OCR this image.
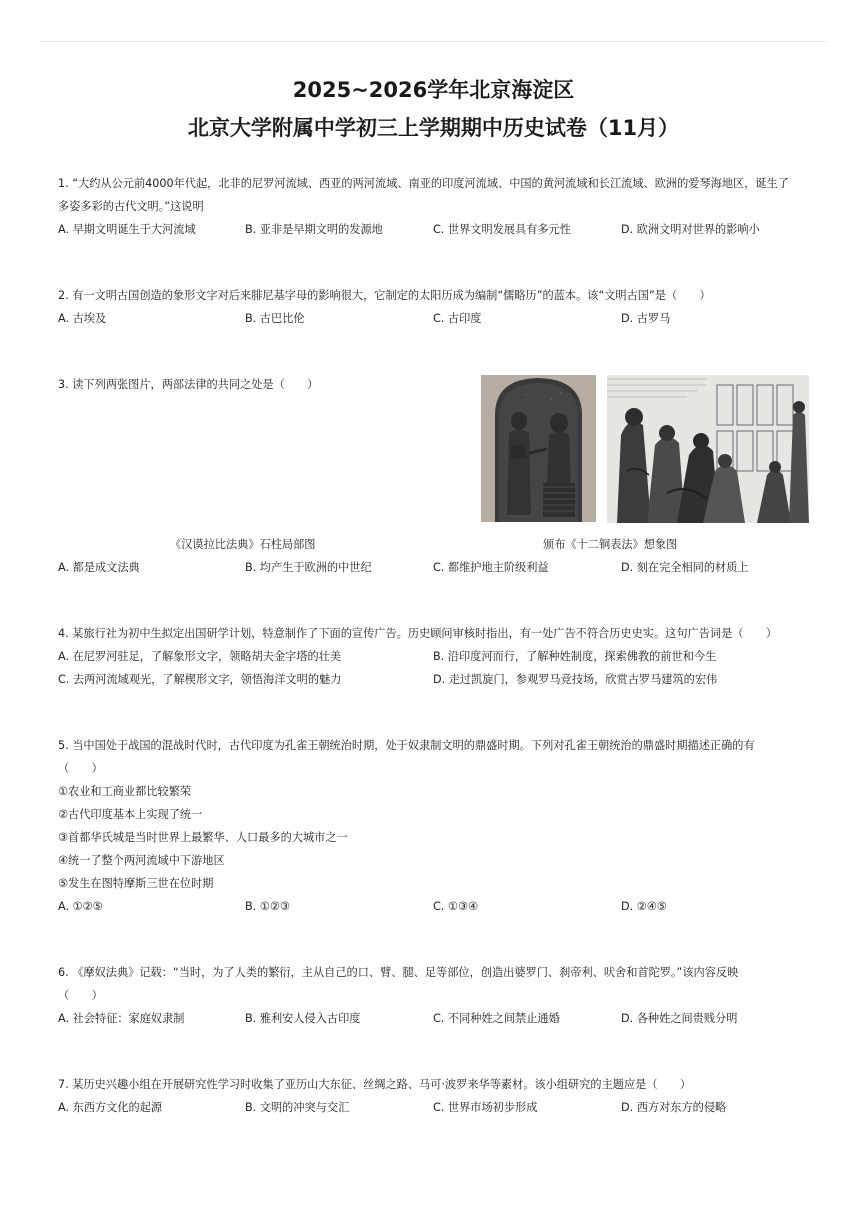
2025~2026学年北京海淀区
北京大学附属中学初三上学期期中历史试卷（11月）
1. “大约从公元前4000年代起，北非的尼罗河流域、西亚的两河流域、南亚的印度河流域、中国的黄河流域和长江流域、欧洲的爱琴海地区，诞生了
多姿多彩的古代文明。”这说明
A. 早期文明诞生于大河流域	B. 亚非是早期文明的发源地	C. 世界文明发展具有多元性	D. 欧洲文明对世界的影响小
2. 有一文明古国创造的象形文字对后来腓尼基字母的影响很大，它制定的太阳历成为编制“儒略历”的蓝本。该“文明古国”是（　　）
A. 古埃及	B. 古巴比伦	C. 古印度	D. 古罗马
3. 读下列两张图片，两部法律的共同之处是（　　）
《汉谟拉比法典》石柱局部图	颁布《十二铜表法》想象图
A. 都是成文法典	B. 均产生于欧洲的中世纪	C. 都维护地主阶级利益	D. 刻在完全相同的材质上
4. 某旅行社为初中生拟定出国研学计划，特意制作了下面的宣传广告。历史顾问审核时指出，有一处广告不符合历史史实。这句广告词是（　　）
A. 在尼罗河驻足，了解象形文字，领略胡夫金字塔的壮美	B. 沿印度河而行，了解种姓制度，探索佛教的前世和今生
C. 去两河流域观光，了解楔形文字，领悟海洋文明的魅力	D. 走过凯旋门，参观罗马竞技场，欣赏古罗马建筑的宏伟
5. 当中国处于战国的混战时代时，古代印度为孔雀王朝统治时期，处于奴隶制文明的鼎盛时期。下列对孔雀王朝统治的鼎盛时期描述正确的有
（　　）
①农业和工商业都比较繁荣
②古代印度基本上实现了统一
③首都华氏城是当时世界上最繁华、人口最多的大城市之一
④统一了整个两河流域中下游地区
⑤发生在图特摩斯三世在位时期
A. ①②⑤	B. ①②③	C. ①③④	D. ②④⑤
6. 《摩奴法典》记载：“当时，为了人类的繁衍，主从自己的口、臂、腿、足等部位，创造出婆罗门、刹帝利、吠舍和首陀罗。”该内容反映
（　　）
A. 社会特征：家庭奴隶制	B. 雅利安人侵入古印度	C. 不同种姓之间禁止通婚	D. 各种姓之间贵贱分明
7. 某历史兴趣小组在开展研究性学习时收集了亚历山大东征、丝绸之路、马可·波罗来华等素材。该小组研究的主题应是（　　）
A. 东西方文化的起源	B. 文明的冲突与交汇	C. 世界市场初步形成	D. 西方对东方的侵略
